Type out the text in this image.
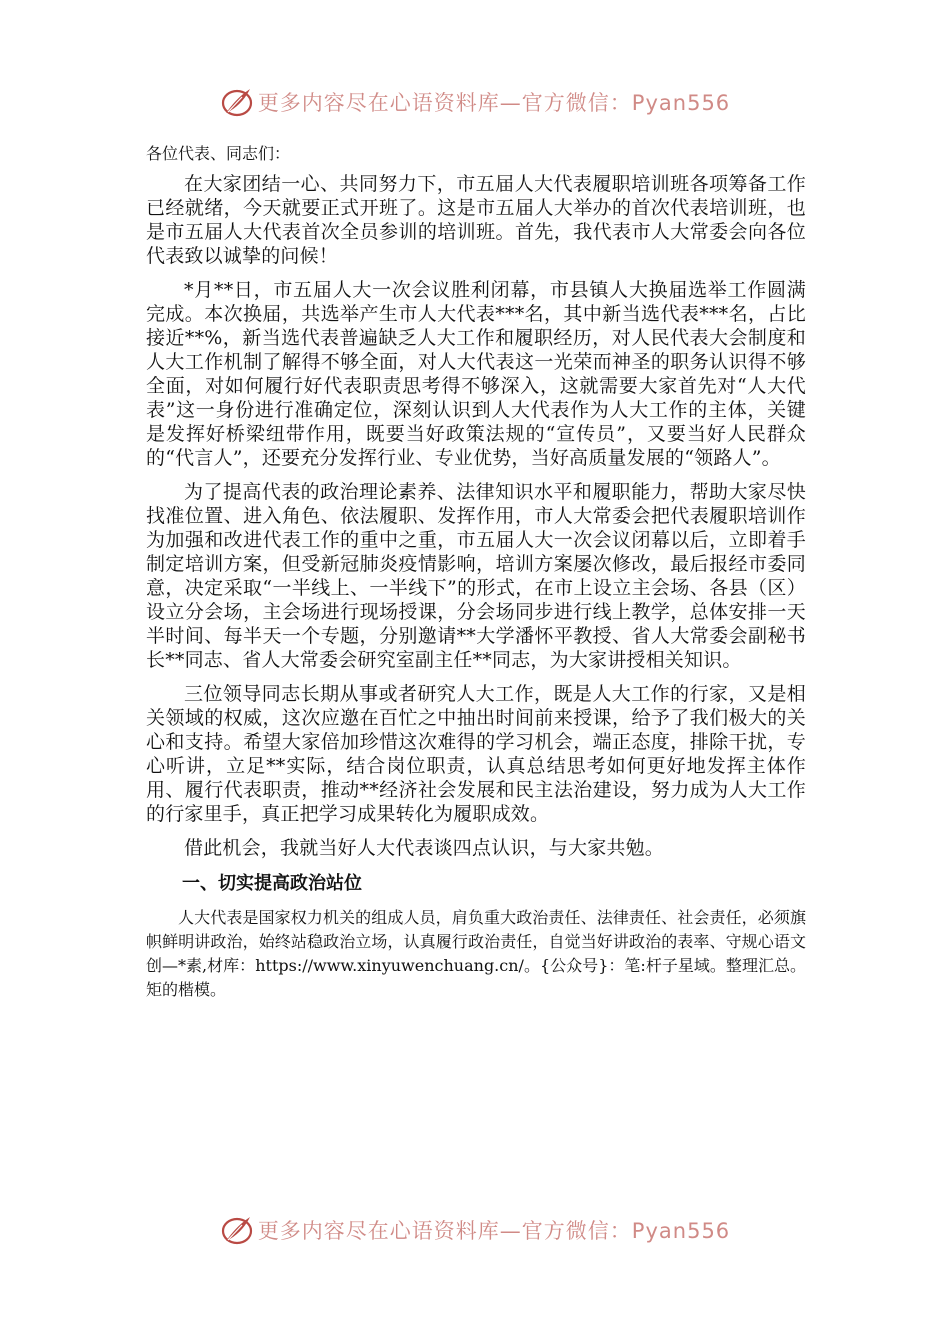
更多内容尽在心语资料库—官方微信：Pyan556

各位代表、同志们：

在大家团结一心、共同努力下，市五届人大代表履职培训班各项筹备工作已经就绪，今天就要正式开班了。这是市五届人大举办的首次代表培训班，也是市五届人大代表首次全员参训的培训班。首先，我代表市人大常委会向各位代表致以诚挚的问候！

*月**日，市五届人大一次会议胜利闭幕，市县镇人大换届选举工作圆满完成。本次换届，共选举产生市人大代表***名，其中新当选代表***名，占比接近**%，新当选代表普遍缺乏人大工作和履职经历，对人民代表大会制度和人大工作机制了解得不够全面，对人大代表这一光荣而神圣的职务认识得不够全面，对如何履行好代表职责思考得不够深入，这就需要大家首先对“人大代表”这一身份进行准确定位，深刻认识到人大代表作为人大工作的主体，关键是发挥好桥梁纽带作用，既要当好政策法规的“宣传员”，又要当好人民群众的“代言人”，还要充分发挥行业、专业优势，当好高质量发展的“领路人”。

为了提高代表的政治理论素养、法律知识水平和履职能力，帮助大家尽快找准位置、进入角色、依法履职、发挥作用，市人大常委会把代表履职培训作为加强和改进代表工作的重中之重，市五届人大一次会议闭幕以后，立即着手制定培训方案，但受新冠肺炎疫情影响，培训方案屡次修改，最后报经市委同意，决定采取“一半线上、一半线下”的形式，在市上设立主会场、各县（区）设立分会场，主会场进行现场授课，分会场同步进行线上教学，总体安排一天半时间、每半天一个专题，分别邀请**大学潘怀平教授、省人大常委会副秘书长**同志、省人大常委会研究室副主任**同志，为大家讲授相关知识。

三位领导同志长期从事或者研究人大工作，既是人大工作的行家，又是相关领域的权威，这次应邀在百忙之中抽出时间前来授课，给予了我们极大的关心和支持。希望大家倍加珍惜这次难得的学习机会，端正态度，排除干扰，专心听讲，立足**实际，结合岗位职责，认真总结思考如何更好地发挥主体作用、履行代表职责，推动**经济社会发展和民主法治建设，努力成为人大工作的行家里手，真正把学习成果转化为履职成效。

借此机会，我就当好人大代表谈四点认识，与大家共勉。

一、切实提高政治站位

人大代表是国家权力机关的组成人员，肩负重大政治责任、法律责任、社会责任，必须旗帜鲜明讲政治，始终站稳政治立场，认真履行政治责任，自觉当好讲政治的表率、守规心语文创—*素,材库：https://www.xinyuwenchuang.cn/。{公众号}：笔:杆子星域。整理汇总。矩的楷模。

更多内容尽在心语资料库—官方微信：Pyan556
